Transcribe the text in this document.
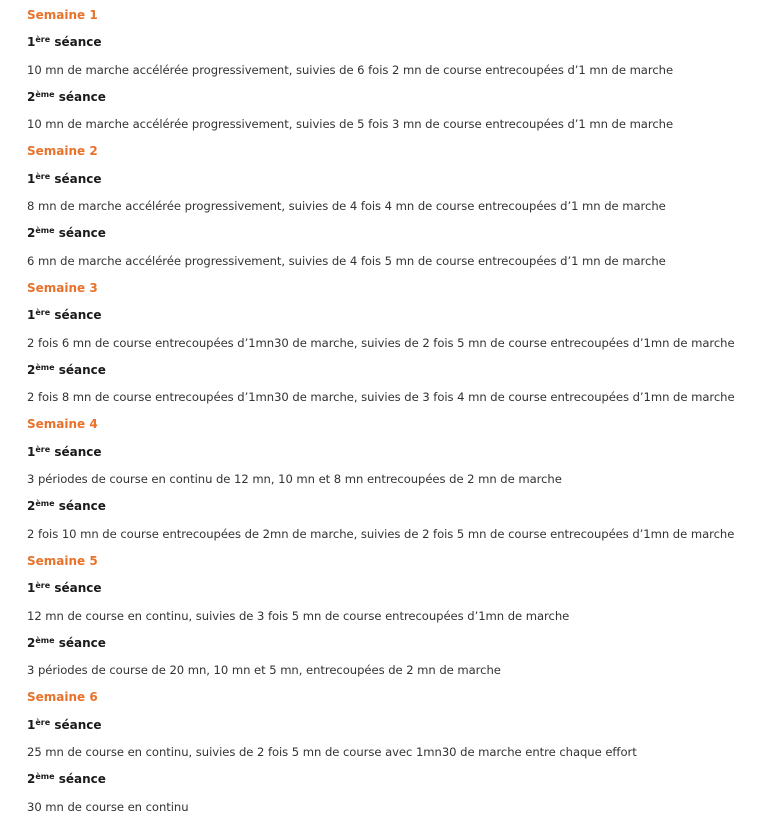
Semaine 1
1ère séance
10 mn de marche accélérée progressivement, suivies de 6 fois 2 mn de course entrecoupées d’1 mn de marche
2ème séance
10 mn de marche accélérée progressivement, suivies de 5 fois 3 mn de course entrecoupées d’1 mn de marche
Semaine 2
1ère séance
8 mn de marche accélérée progressivement, suivies de 4 fois 4 mn de course entrecoupées d’1 mn de marche
2ème séance
6 mn de marche accélérée progressivement, suivies de 4 fois 5 mn de course entrecoupées d’1 mn de marche
Semaine 3
1ère séance
2 fois 6 mn de course entrecoupées d’1mn30 de marche, suivies de 2 fois 5 mn de course entrecoupées d’1mn de marche
2ème séance
2 fois 8 mn de course entrecoupées d’1mn30 de marche, suivies de 3 fois 4 mn de course entrecoupées d’1mn de marche
Semaine 4
1ère séance
3 périodes de course en continu de 12 mn, 10 mn et 8 mn entrecoupées de 2 mn de marche
2ème séance
2 fois 10 mn de course entrecoupées de 2mn de marche, suivies de 2 fois 5 mn de course entrecoupées d’1mn de marche
Semaine 5
1ère séance
12 mn de course en continu, suivies de 3 fois 5 mn de course entrecoupées d’1mn de marche
2ème séance
3 périodes de course de 20 mn, 10 mn et 5 mn, entrecoupées de 2 mn de marche
Semaine 6
1ère séance
25 mn de course en continu, suivies de 2 fois 5 mn de course avec 1mn30 de marche entre chaque effort
2ème séance
30 mn de course en continu
